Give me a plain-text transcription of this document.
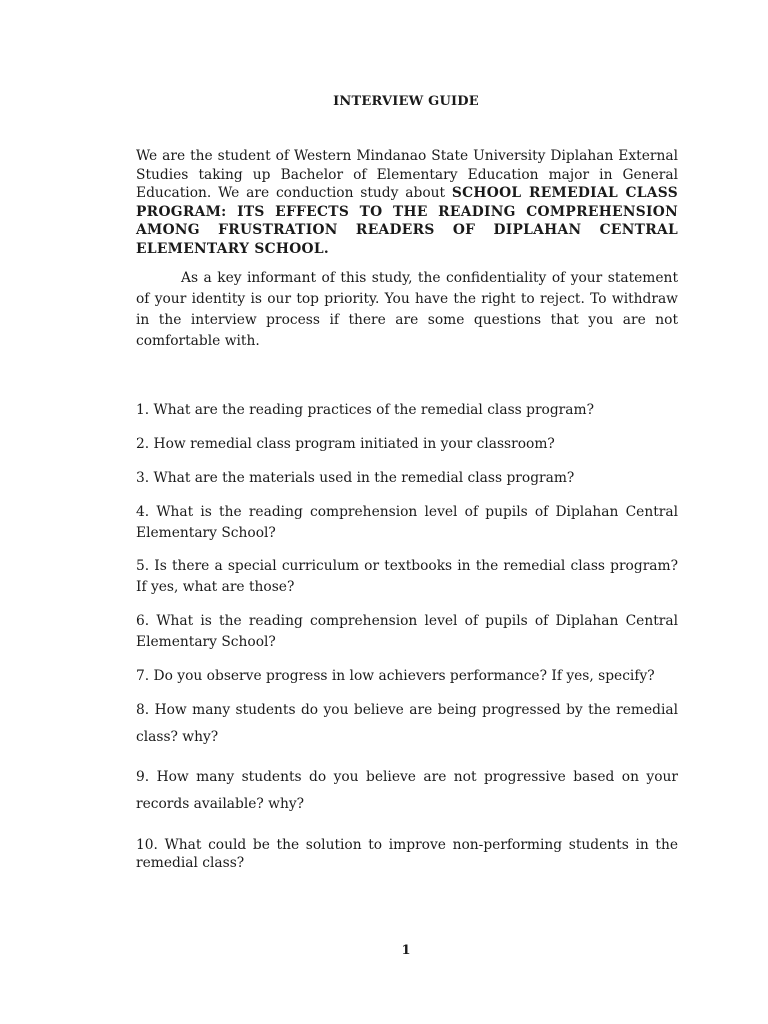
INTERVIEW GUIDE
We are the student of Western Mindanao State University Diplahan External Studies taking up Bachelor of Elementary Education major in General Education. We are conduction study about SCHOOL REMEDIAL CLASS PROGRAM: ITS EFFECTS TO THE READING COMPREHENSION AMONG FRUSTRATION READERS OF DIPLAHAN CENTRAL ELEMENTARY SCHOOL.
As a key informant of this study, the confidentiality of your statement of your identity is our top priority. You have the right to reject. To withdraw in the interview process if there are some questions that you are not comfortable with.
1. What are the reading practices of the remedial class program?
2. How remedial class program initiated in your classroom?
3. What are the materials used in the remedial class program?
4. What is the reading comprehension level of pupils of Diplahan Central Elementary School?
5. Is there a special curriculum or textbooks in the remedial class program? If yes, what are those?
6. What is the reading comprehension level of pupils of Diplahan Central Elementary School?
7. Do you observe progress in low achievers performance? If yes, specify?
8. How many students do you believe are being progressed by the remedial class? why?
9. How many students do you believe are not progressive based on your records available? why?
10. What could be the solution to improve non-performing students in the remedial class?
1
